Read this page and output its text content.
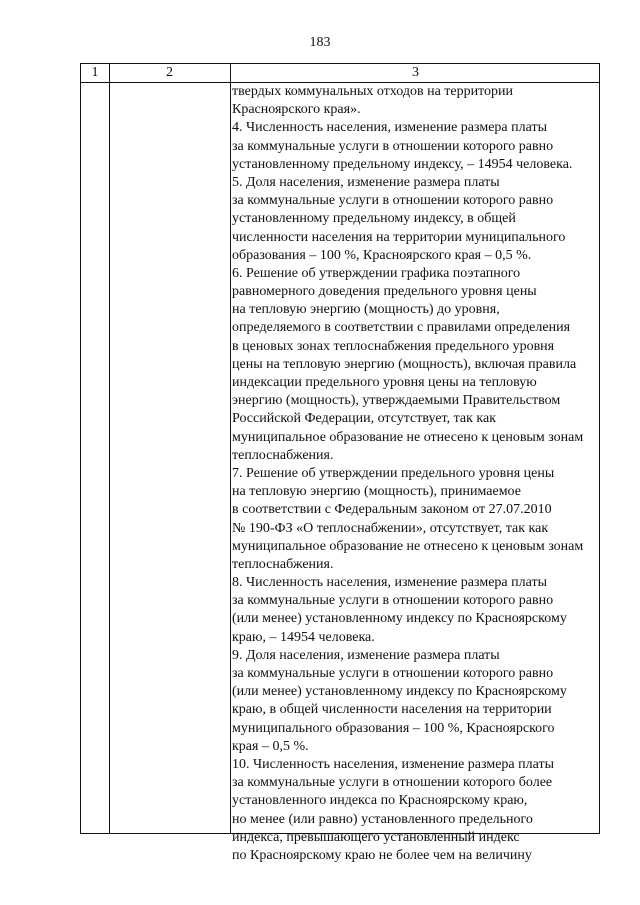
183
1	2	3
твердых коммунальных отходов на территории
Красноярского края».
4. Численность населения, изменение размера платы
за коммунальные услуги в отношении которого равно
установленному предельному индексу, – 14954 человека.
5. Доля населения, изменение размера платы
за коммунальные услуги в отношении которого равно
установленному предельному индексу, в общей
численности населения на территории муниципального
образования – 100 %, Красноярского края – 0,5 %.
6. Решение об утверждении графика поэтапного
равномерного доведения предельного уровня цены
на тепловую энергию (мощность) до уровня,
определяемого в соответствии с правилами определения
в ценовых зонах теплоснабжения предельного уровня
цены на тепловую энергию (мощность), включая правила
индексации предельного уровня цены на тепловую
энергию (мощность), утверждаемыми Правительством
Российской Федерации, отсутствует, так как
муниципальное образование не отнесено к ценовым зонам
теплоснабжения.
7. Решение об утверждении предельного уровня цены
на тепловую энергию (мощность), принимаемое
в соответствии с Федеральным законом от 27.07.2010
№ 190-ФЗ «О теплоснабжении», отсутствует, так как
муниципальное образование не отнесено к ценовым зонам
теплоснабжения.
8. Численность населения, изменение размера платы
за коммунальные услуги в отношении которого равно
(или менее) установленному индексу по Красноярскому
краю, – 14954 человека.
9. Доля населения, изменение размера платы
за коммунальные услуги в отношении которого равно
(или менее) установленному индексу по Красноярскому
краю, в общей численности населения на территории
муниципального образования – 100 %, Красноярского
края – 0,5 %.
10. Численность населения, изменение размера платы
за коммунальные услуги в отношении которого более
установленного индекса по Красноярскому краю,
но менее (или равно) установленного предельного
индекса, превышающего установленный индекс
по Красноярскому краю не более чем на величину
